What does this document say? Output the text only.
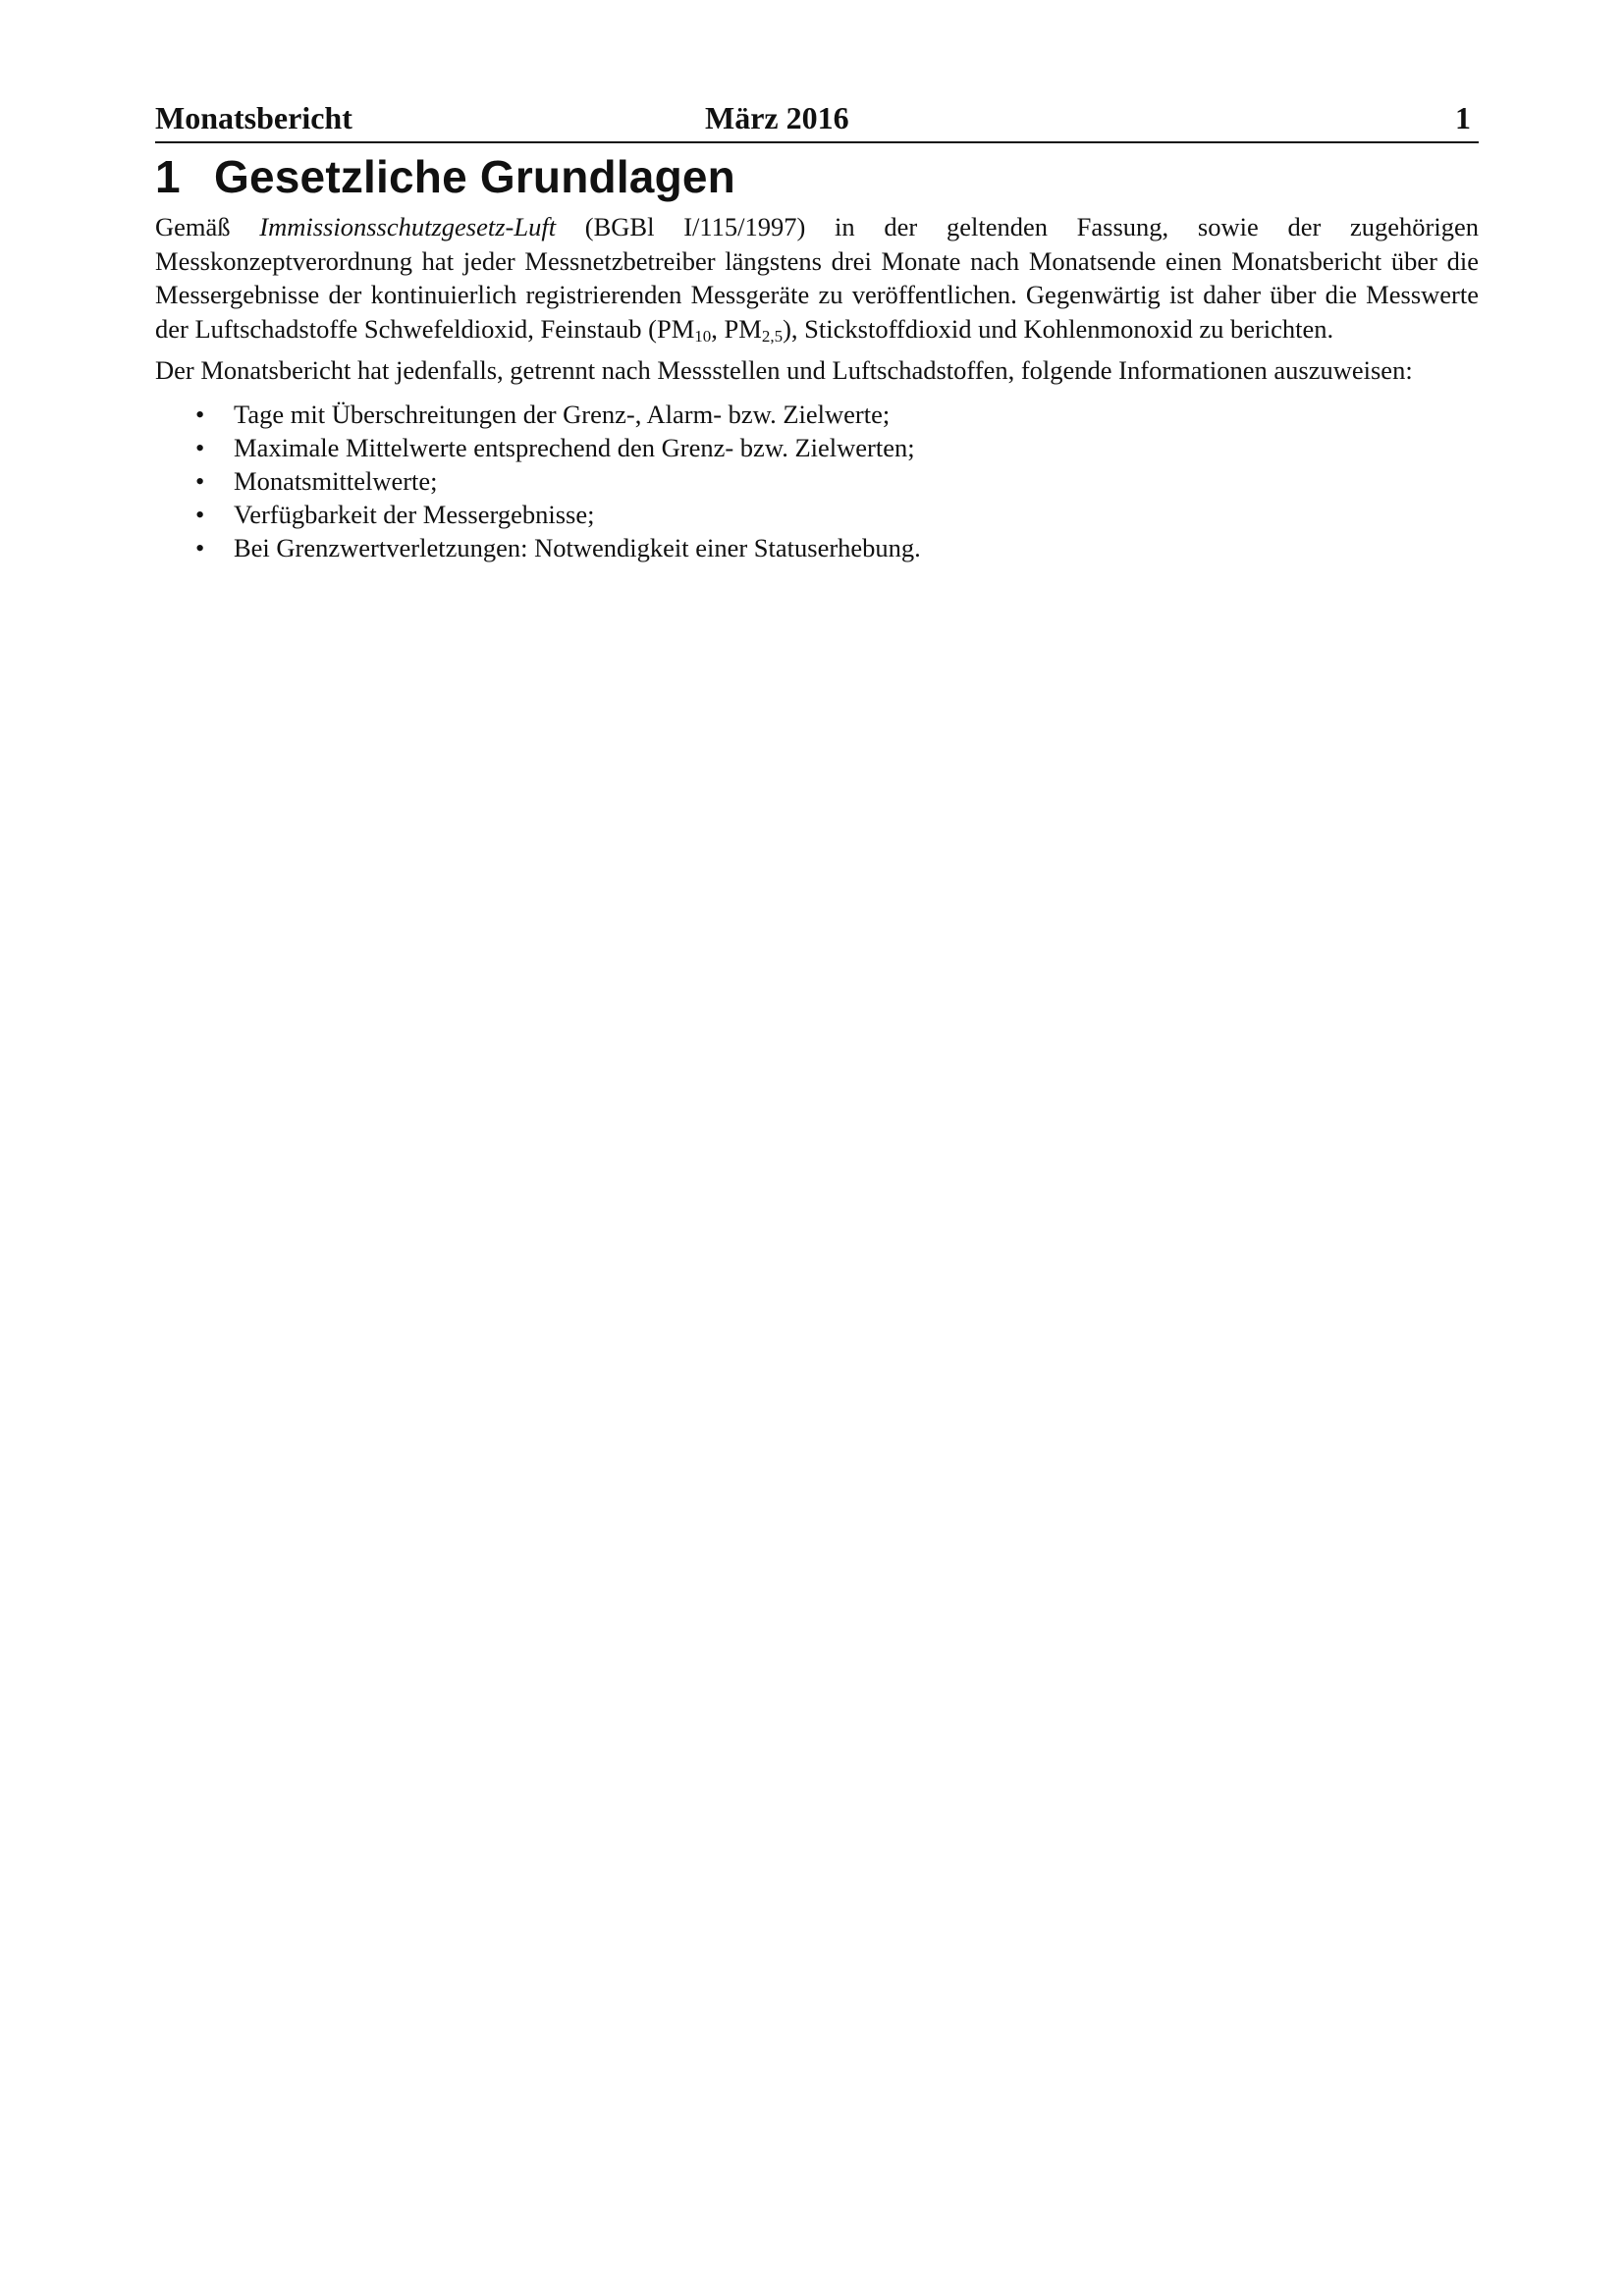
Monatsbericht	März 2016	1
1 Gesetzliche Grundlagen

Gemäß Immissionsschutzgesetz-Luft (BGBl I/115/1997) in der geltenden Fassung, sowie der zugehörigen Messkonzeptverordnung hat jeder Messnetzbetreiber längstens drei Monate nach Monatsende einen Monatsbericht über die Messergebnisse der kontinuierlich registrierenden Messgeräte zu veröffentlichen. Gegenwärtig ist daher über die Messwerte der Luftschadstoffe Schwefeldioxid, Feinstaub ($PM_{10}$, $PM_{2,5}$), Stickstoffdioxid und Kohlenmonoxid zu berichten.

Der Monatsbericht hat jedenfalls, getrennt nach Messstellen und Luftschadstoffen, folgende Informationen auszuweisen:

• Tage mit Überschreitungen der Grenz-, Alarm- bzw. Zielwerte;
• Maximale Mittelwerte entsprechend den Grenz- bzw. Zielwerten;
• Monatsmittelwerte;
• Verfügbarkeit der Messergebnisse;
• Bei Grenzwertverletzungen: Notwendigkeit einer Statuserhebung.
